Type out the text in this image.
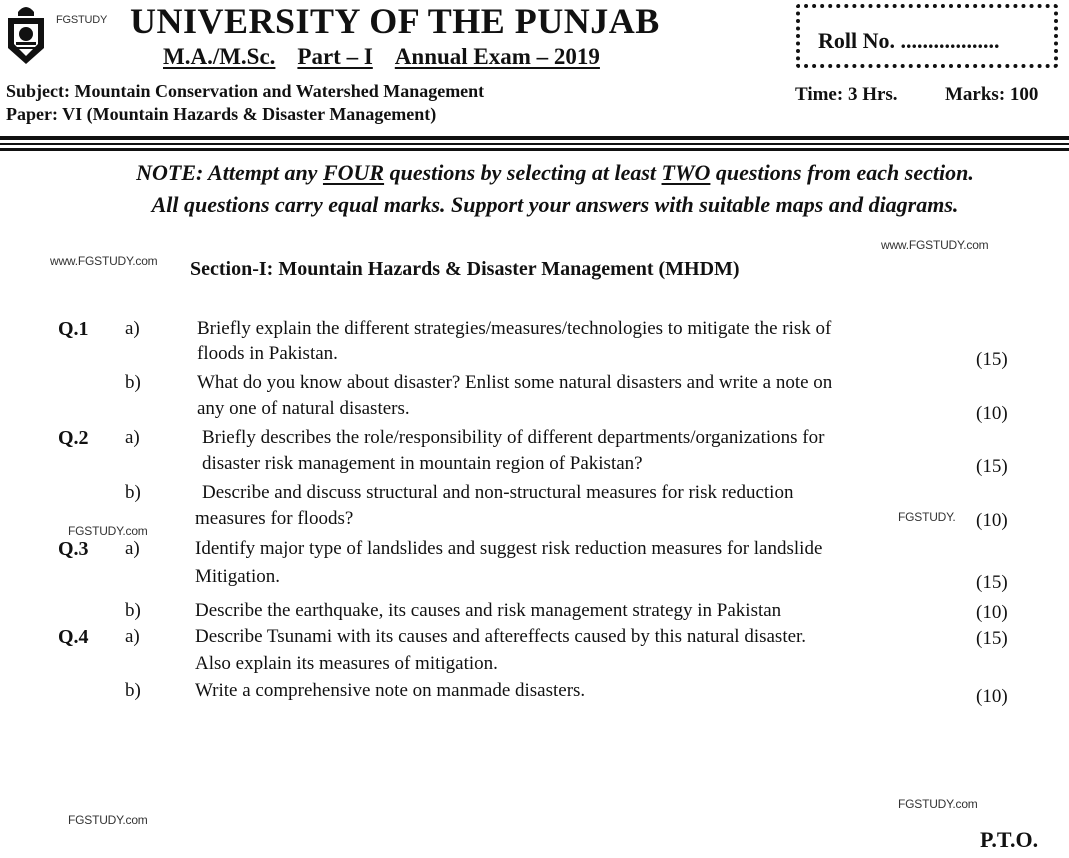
FGSTUDY UNIVERSITY OF THE PUNJAB
M.A./M.Sc. Part – I Annual Exam – 2019
Subject: Mountain Conservation and Watershed Management
Paper: VI (Mountain Hazards & Disaster Management)
Roll No. ..................
Time: 3 Hrs. Marks: 100
NOTE: Attempt any FOUR questions by selecting at least TWO questions from each section.
All questions carry equal marks. Support your answers with suitable maps and diagrams.
www.FGSTUDY.com
www.FGSTUDY.com Section-I: Mountain Hazards & Disaster Management (MHDM)
Q.1 a)	Briefly explain the different strategies/measures/technologies to mitigate the risk of
floods in Pakistan.	(15)
b)	What do you know about disaster? Enlist some natural disasters and write a note on
any one of natural disasters.	(10)
Q.2 a)	Briefly describes the role/responsibility of different departments/organizations for
disaster risk management in mountain region of Pakistan?	(15)
b)	Describe and discuss structural and non-structural measures for risk reduction
measures for floods?	FGSTUDY. (10)
FGSTUDY.com
Q.3 a)	Identify major type of landslides and suggest risk reduction measures for landslide
Mitigation.	(15)
b)	Describe the earthquake, its causes and risk management strategy in Pakistan	(10)
Q.4 a)	Describe Tsunami with its causes and aftereffects caused by this natural disaster.	(15)
Also explain its measures of mitigation.
b)	Write a comprehensive note on manmade disasters.	(10)
FGSTUDY.com
FGSTUDY.com
P.T.O.
